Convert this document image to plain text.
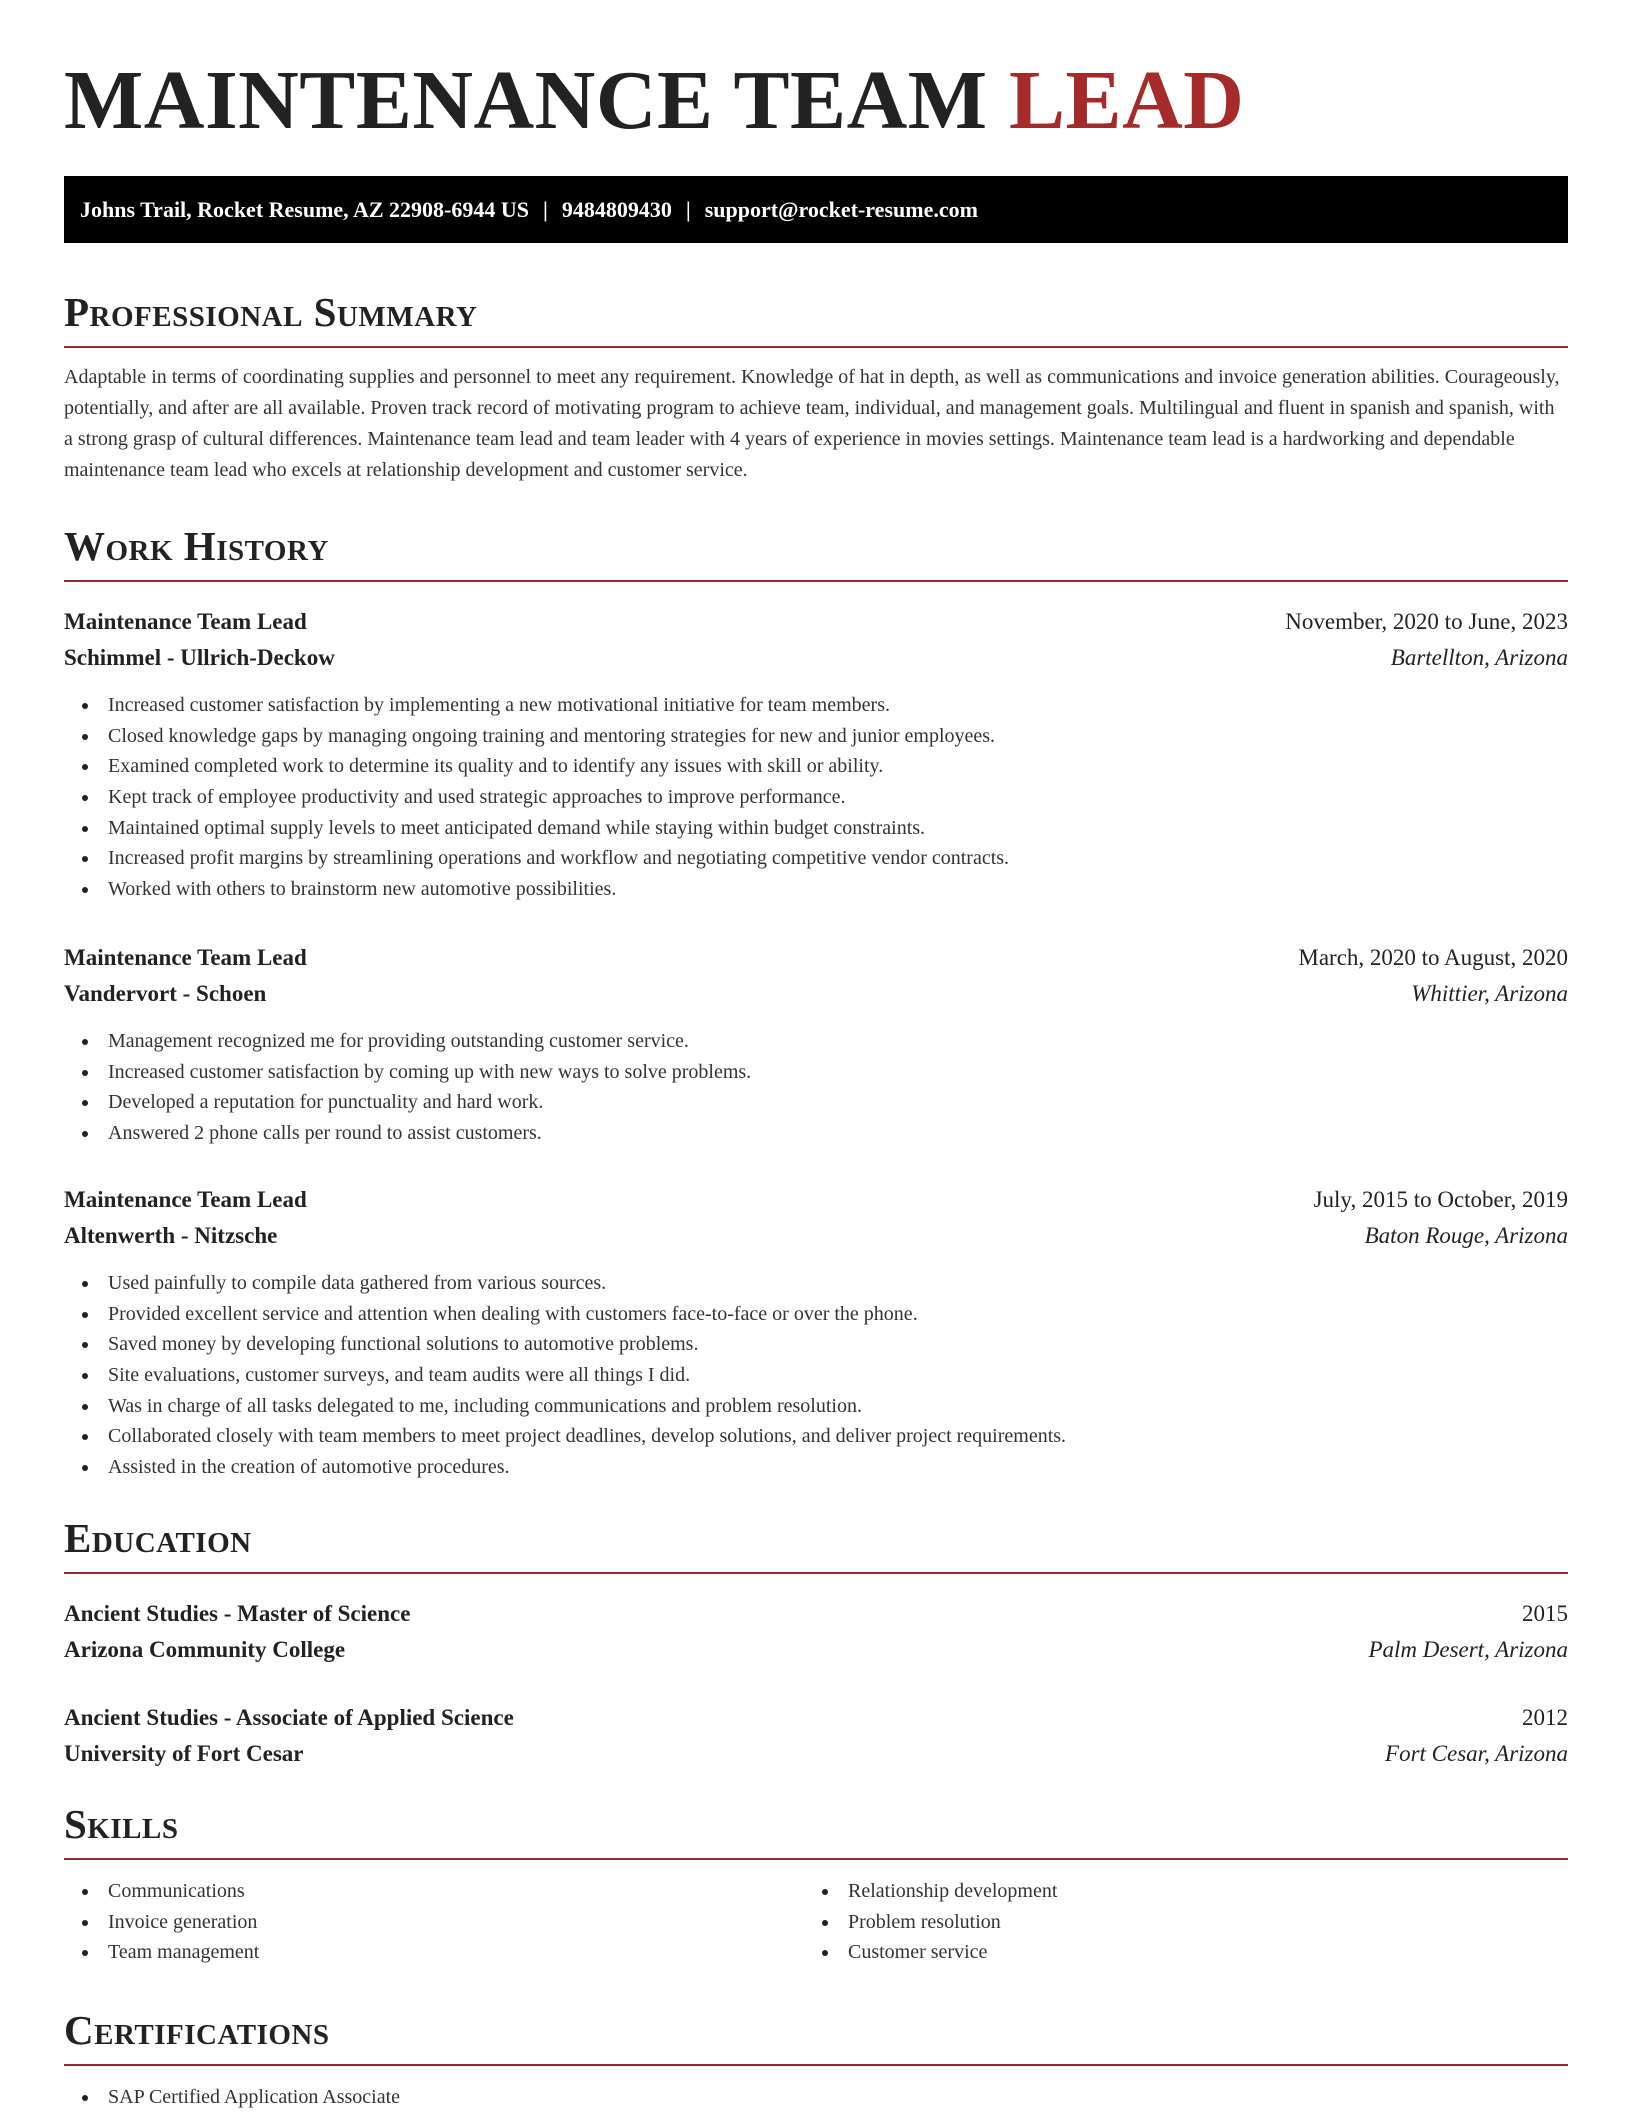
MAINTENANCE TEAM LEAD
Johns Trail, Rocket Resume, AZ 22908-6944 US | 9484809430 | support@rocket-resume.com
Professional Summary

Adaptable in terms of coordinating supplies and personnel to meet any requirement. Knowledge of hat in depth, as well as communications and invoice generation abilities. Courageously, potentially, and after are all available. Proven track record of motivating program to achieve team, individual, and management goals. Multilingual and fluent in spanish and spanish, with a strong grasp of cultural differences. Maintenance team lead and team leader with 4 years of experience in movies settings. Maintenance team lead is a hardworking and dependable maintenance team lead who excels at relationship development and customer service.

Work History
Maintenance Team Lead	November, 2020 to June, 2023
Schimmel - Ullrich-Deckow	Bartellton, Arizona
Increased customer satisfaction by implementing a new motivational initiative for team members.
Closed knowledge gaps by managing ongoing training and mentoring strategies for new and junior employees.
Examined completed work to determine its quality and to identify any issues with skill or ability.
Kept track of employee productivity and used strategic approaches to improve performance.
Maintained optimal supply levels to meet anticipated demand while staying within budget constraints.
Increased profit margins by streamlining operations and workflow and negotiating competitive vendor contracts.
Worked with others to brainstorm new automotive possibilities.
Maintenance Team Lead	March, 2020 to August, 2020
Vandervort - Schoen	Whittier, Arizona
Management recognized me for providing outstanding customer service.
Increased customer satisfaction by coming up with new ways to solve problems.
Developed a reputation for punctuality and hard work.
Answered 2 phone calls per round to assist customers.
Maintenance Team Lead	July, 2015 to October, 2019
Altenwerth - Nitzsche	Baton Rouge, Arizona
Used painfully to compile data gathered from various sources.
Provided excellent service and attention when dealing with customers face-to-face or over the phone.
Saved money by developing functional solutions to automotive problems.
Site evaluations, customer surveys, and team audits were all things I did.
Was in charge of all tasks delegated to me, including communications and problem resolution.
Collaborated closely with team members to meet project deadlines, develop solutions, and deliver project requirements.
Assisted in the creation of automotive procedures.
Education
Ancient Studies - Master of Science	2015
Arizona Community College	Palm Desert, Arizona
Ancient Studies - Associate of Applied Science	2012
University of Fort Cesar	Fort Cesar, Arizona
Skills
Communications
Invoice generation
Team management
Relationship development
Problem resolution
Customer service
Certifications
SAP Certified Application Associate
